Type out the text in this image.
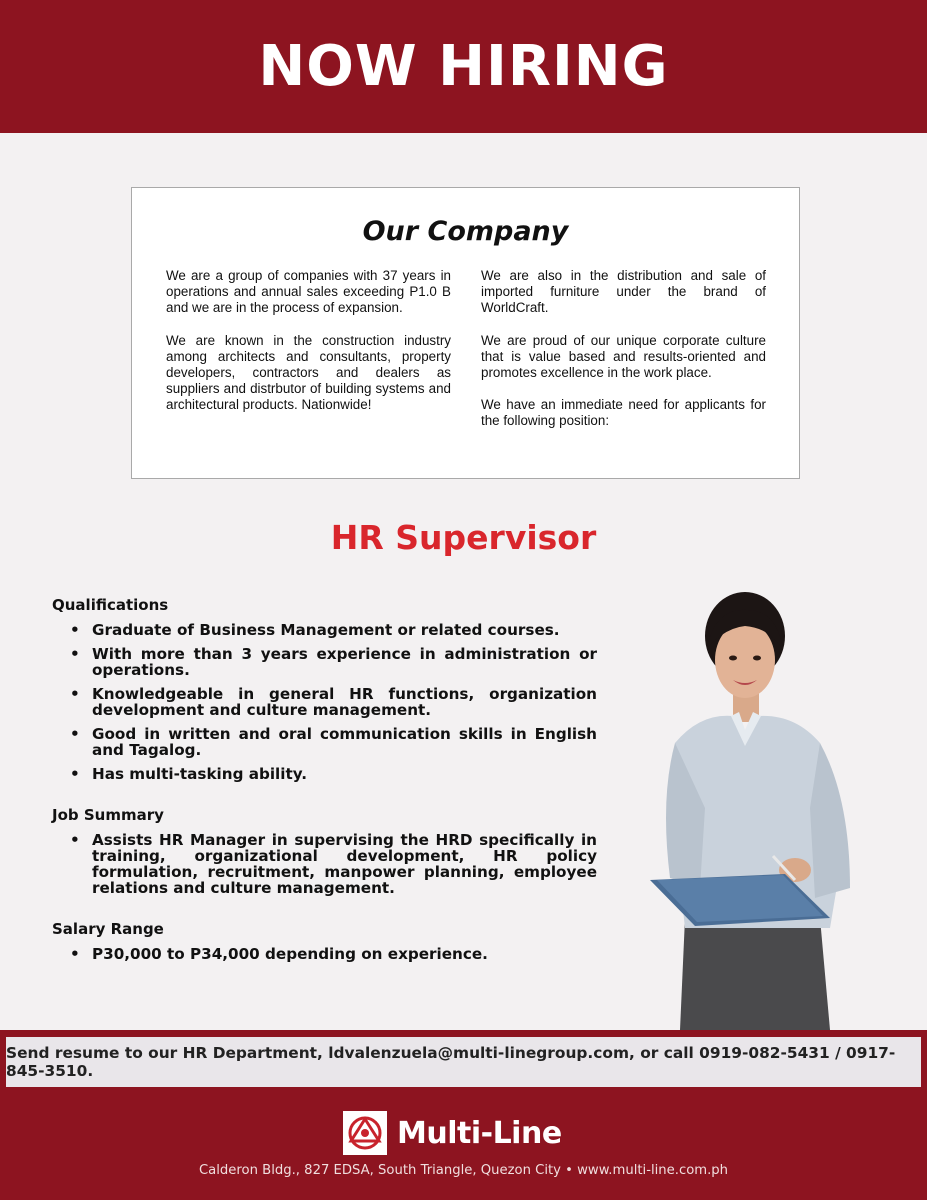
NOW HIRING
Our Company

We are a group of companies with 37 years in operations and annual sales exceeding P1.0 B and we are in the process of expansion.

We are known in the construction industry among architects and consultants, property developers, contractors and dealers as suppliers and distrbutor of building systems and architectural products. Nationwide!

We are also in the distribution and sale of imported furniture under the brand of WorldCraft.

We are proud of our unique corporate culture that is value based and results-oriented and promotes excellence in the work place.

We have an immediate need for applicants for the following position:

HR Supervisor
Qualifications
• Graduate of Business Management or related courses.
• With more than 3 years experience in administration or operations.
• Knowledgeable in general HR functions, organization development and culture management.
• Good in written and oral communication skills in English and Tagalog.
• Has multi-tasking ability.
Job Summary
• Assists HR Manager in supervising the HRD specifically in training, organizational development, HR policy formulation, recruitment, manpower planning, employee relations and culture management.
Salary Range
• P30,000 to P34,000 depending on experience.
Send resume to our HR Department, ldvalenzuela@multi-linegroup.com, or call 0919-082-5431 / 0917-845-3510.
Multi-Line
Calderon Bldg., 827 EDSA, South Triangle, Quezon City • www.multi-line.com.ph
